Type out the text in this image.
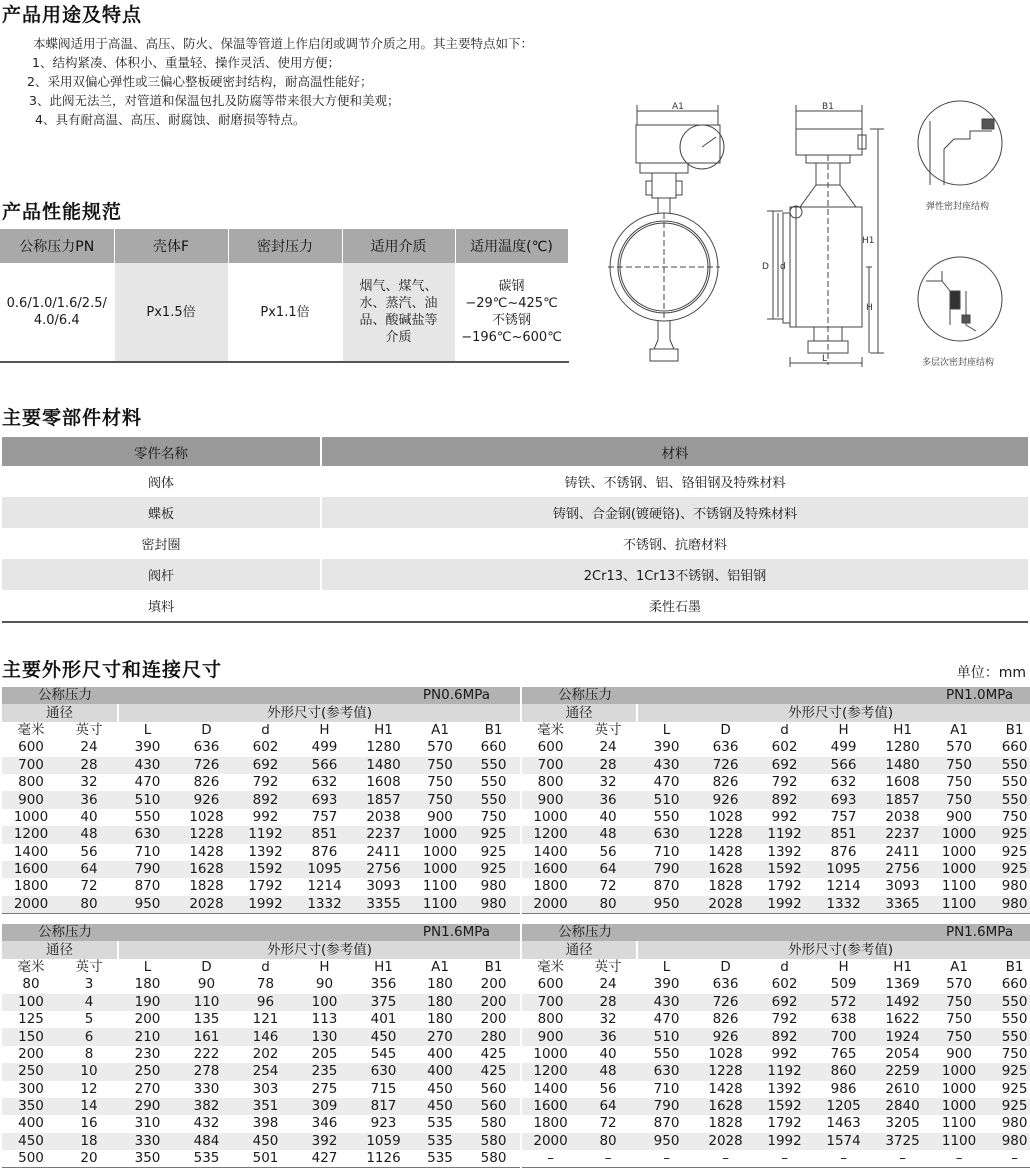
产品用途及特点

本蝶阀适用于高温、高压、防火、保温等管道上作启闭或调节介质之用。其主要特点如下：

1、结构紧凑、体积小、重量轻、操作灵活、使用方便；

2、采用双偏心弹性或三偏心整板硬密封结构，耐高温性能好；

3、此阀无法兰，对管道和保温包扎及防腐等带来很大方便和美观；

4、具有耐高温、高压、耐腐蚀、耐磨损等特点。

产品性能规范
公称压力PN	壳体F	密封压力	适用介质	适用温度(℃)
0.6/1.0/1.6/2.5/
4.0/6.4	Px1.5倍	Px1.1倍	烟气、煤气、
水、蒸汽、油
品、酸碱盐等
介质	碳钢
−29℃~425℃
不锈钢
−196℃~600℃
A1	B1
D d
H1
H
L
弹性密封座结构
多层次密封座结构
主要零部件材料
零件名称	材料
阀体	铸铁、不锈钢、铝、铬钼钢及特殊材料
蝶板	铸钢、合金钢(镀硬铬)、不锈钢及特殊材料
密封圈	不锈钢、抗磨材料
阀杆	2Cr13、1Cr13不锈钢、铝钼钢
填料	柔性石墨
主要外形尺寸和连接尺寸	单位：mm
公称压力		PN0.6MPa							公称压力		PN1.0MPa						
通径		外形尺寸(参考值)							通径		外形尺寸(参考值)						
毫米	英寸	L	D	d	H	H1	A1	B1	毫米	英寸	L	D	d	H	H1	A1	B1
600	24	390	636	602	499	1280	570	660	600	24	390	636	602	499	1280	570	660
700	28	430	726	692	566	1480	750	550	700	28	430	726	692	566	1480	750	550
800	32	470	826	792	632	1608	750	550	800	32	470	826	792	632	1608	750	550
900	36	510	926	892	693	1857	750	550	900	36	510	926	892	693	1857	750	550
1000	40	550	1028	992	757	2038	900	750	1000	40	550	1028	992	757	2038	900	750
1200	48	630	1228	1192	851	2237	1000	925	1200	48	630	1228	1192	851	2237	1000	925
1400	56	710	1428	1392	876	2411	1000	925	1400	56	710	1428	1392	876	2411	1000	925
1600	64	790	1628	1592	1095	2756	1000	925	1600	64	790	1628	1592	1095	2756	1000	925
1800	72	870	1828	1792	1214	3093	1100	980	1800	72	870	1828	1792	1214	3093	1100	980
2000	80	950	2028	1992	1332	3355	1100	980	2000	80	950	2028	1992	1332	3365	1100	980
公称压力		PN1.6MPa							公称压力		PN1.6MPa						
通径		外形尺寸(参考值)							通径		外形尺寸(参考值)						
毫米	英寸	L	D	d	H	H1	A1	B1	毫米	英寸	L	D	d	H	H1	A1	B1
80	3	180	90	78	90	356	180	200	600	24	390	636	602	509	1369	570	660
100	4	190	110	96	100	375	180	200	700	28	430	726	692	572	1492	750	550
125	5	200	135	121	113	401	180	200	800	32	470	826	792	638	1622	750	550
150	6	210	161	146	130	450	270	280	900	36	510	926	892	700	1924	750	550
200	8	230	222	202	205	545	400	425	1000	40	550	1028	992	765	2054	900	750
250	10	250	278	254	235	630	400	425	1200	48	630	1228	1192	860	2259	1000	925
300	12	270	330	303	275	715	450	560	1400	56	710	1428	1392	986	2610	1000	925
350	14	290	382	351	309	817	450	560	1600	64	790	1628	1592	1205	2840	1000	925
400	16	310	432	398	346	923	535	580	1800	72	870	1828	1792	1463	3205	1100	980
450	18	330	484	450	392	1059	535	580	2000	80	950	2028	1992	1574	3725	1100	980
500	20	350	535	501	427	1126	535	580	–	–	–	–	–	–	–	–	–
